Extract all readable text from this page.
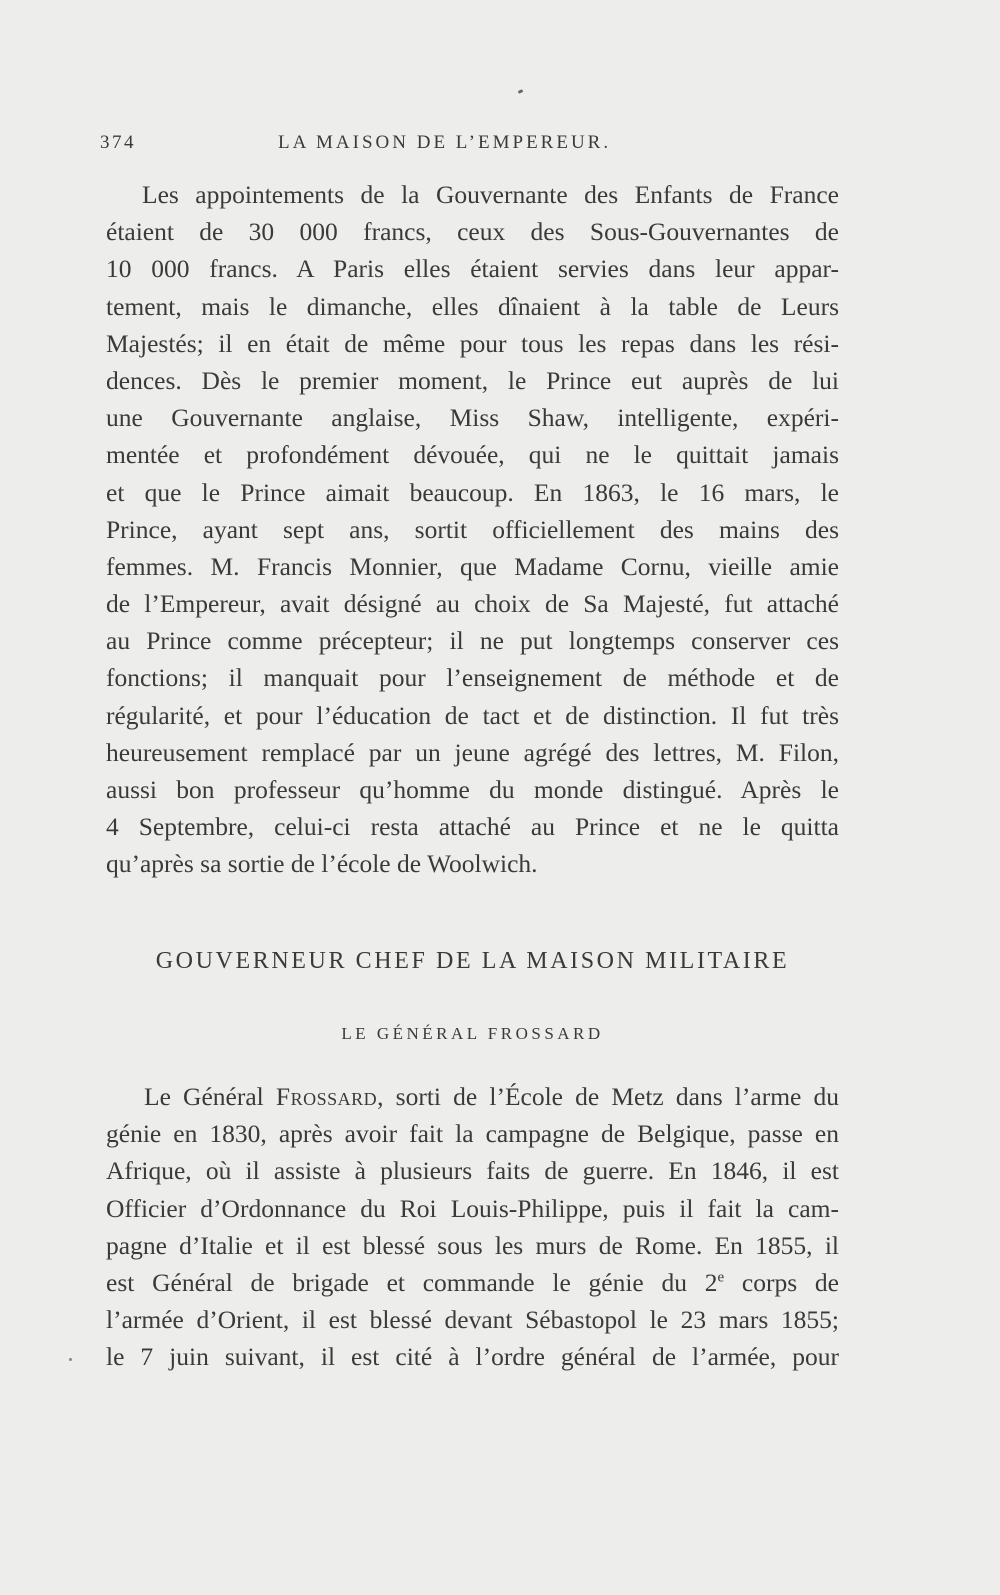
374	LA MAISON DE L’EMPEREUR.
Les appointements de la Gouvernante des Enfants de France
étaient de 30 000 francs, ceux des Sous-Gouvernantes de
10 000 francs. A Paris elles étaient servies dans leur appar-
tement, mais le dimanche, elles dînaient à la table de Leurs
Majestés; il en était de même pour tous les repas dans les rési-
dences. Dès le premier moment, le Prince eut auprès de lui
une Gouvernante anglaise, Miss Shaw, intelligente, expéri-
mentée et profondément dévouée, qui ne le quittait jamais
et que le Prince aimait beaucoup. En 1863, le 16 mars, le
Prince, ayant sept ans, sortit officiellement des mains des
femmes. M. Francis Monnier, que Madame Cornu, vieille amie
de l’Empereur, avait désigné au choix de Sa Majesté, fut attaché
au Prince comme précepteur; il ne put longtemps conserver ces
fonctions; il manquait pour l’enseignement de méthode et de
régularité, et pour l’éducation de tact et de distinction. Il fut très
heureusement remplacé par un jeune agrégé des lettres, M. Filon,
aussi bon professeur qu’homme du monde distingué. Après le
4 Septembre, celui-ci resta attaché au Prince et ne le quitta
qu’après sa sortie de l’école de Woolwich.
GOUVERNEUR CHEF DE LA MAISON MILITAIRE
LE GÉNÉRAL FROSSARD
Le Général Frossard, sorti de l’École de Metz dans l’arme du
génie en 1830, après avoir fait la campagne de Belgique, passe en
Afrique, où il assiste à plusieurs faits de guerre. En 1846, il est
Officier d’Ordonnance du Roi Louis-Philippe, puis il fait la cam-
pagne d’Italie et il est blessé sous les murs de Rome. En 1855, il
est Général de brigade et commande le génie du 2e corps de
l’armée d’Orient, il est blessé devant Sébastopol le 23 mars 1855;
le 7 juin suivant, il est cité à l’ordre général de l’armée, pour
